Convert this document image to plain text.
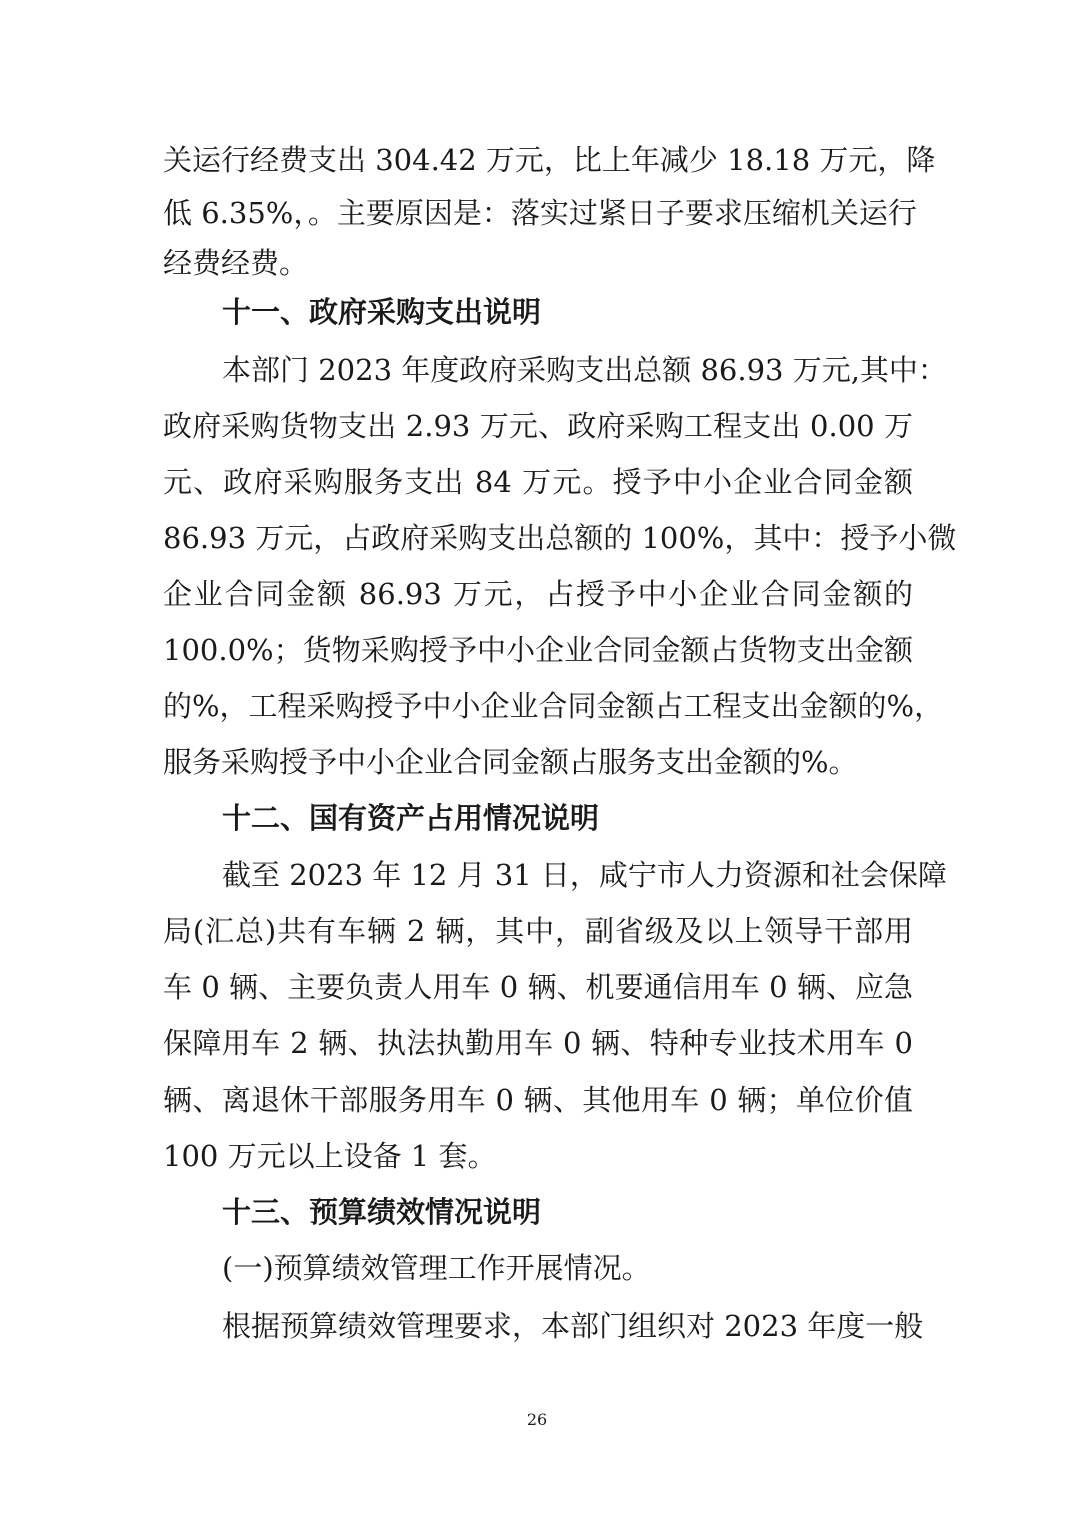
关运行经费支出 304.42 万元，比上年减少 18.18 万元，降
低 6.35%，。主要原因是：落实过紧日子要求压缩机关运行
经费经费。
十一、政府采购支出说明
本部门 2023 年度政府采购支出总额 86.93 万元,其中：
政府采购货物支出 2.93 万元、政府采购工程支出 0.00 万
元、政府采购服务支出 84 万元。授予中小企业合同金额
86.93 万元，占政府采购支出总额的 100%，其中：授予小微
企业合同金额 86.93 万元，占授予中小企业合同金额的
100.0%；货物采购授予中小企业合同金额占货物支出金额
的%，工程采购授予中小企业合同金额占工程支出金额的%，
服务采购授予中小企业合同金额占服务支出金额的%。
十二、国有资产占用情况说明
截至 2023 年 12 月 31 日，咸宁市人力资源和社会保障
局(汇总)共有车辆 2 辆，其中，副省级及以上领导干部用
车 0 辆、主要负责人用车 0 辆、机要通信用车 0 辆、应急
保障用车 2 辆、执法执勤用车 0 辆、特种专业技术用车 0
辆、离退休干部服务用车 0 辆、其他用车 0 辆；单位价值
100 万元以上设备 1 套。
十三、预算绩效情况说明
(一)预算绩效管理工作开展情况。
根据预算绩效管理要求，本部门组织对 2023 年度一般
26
